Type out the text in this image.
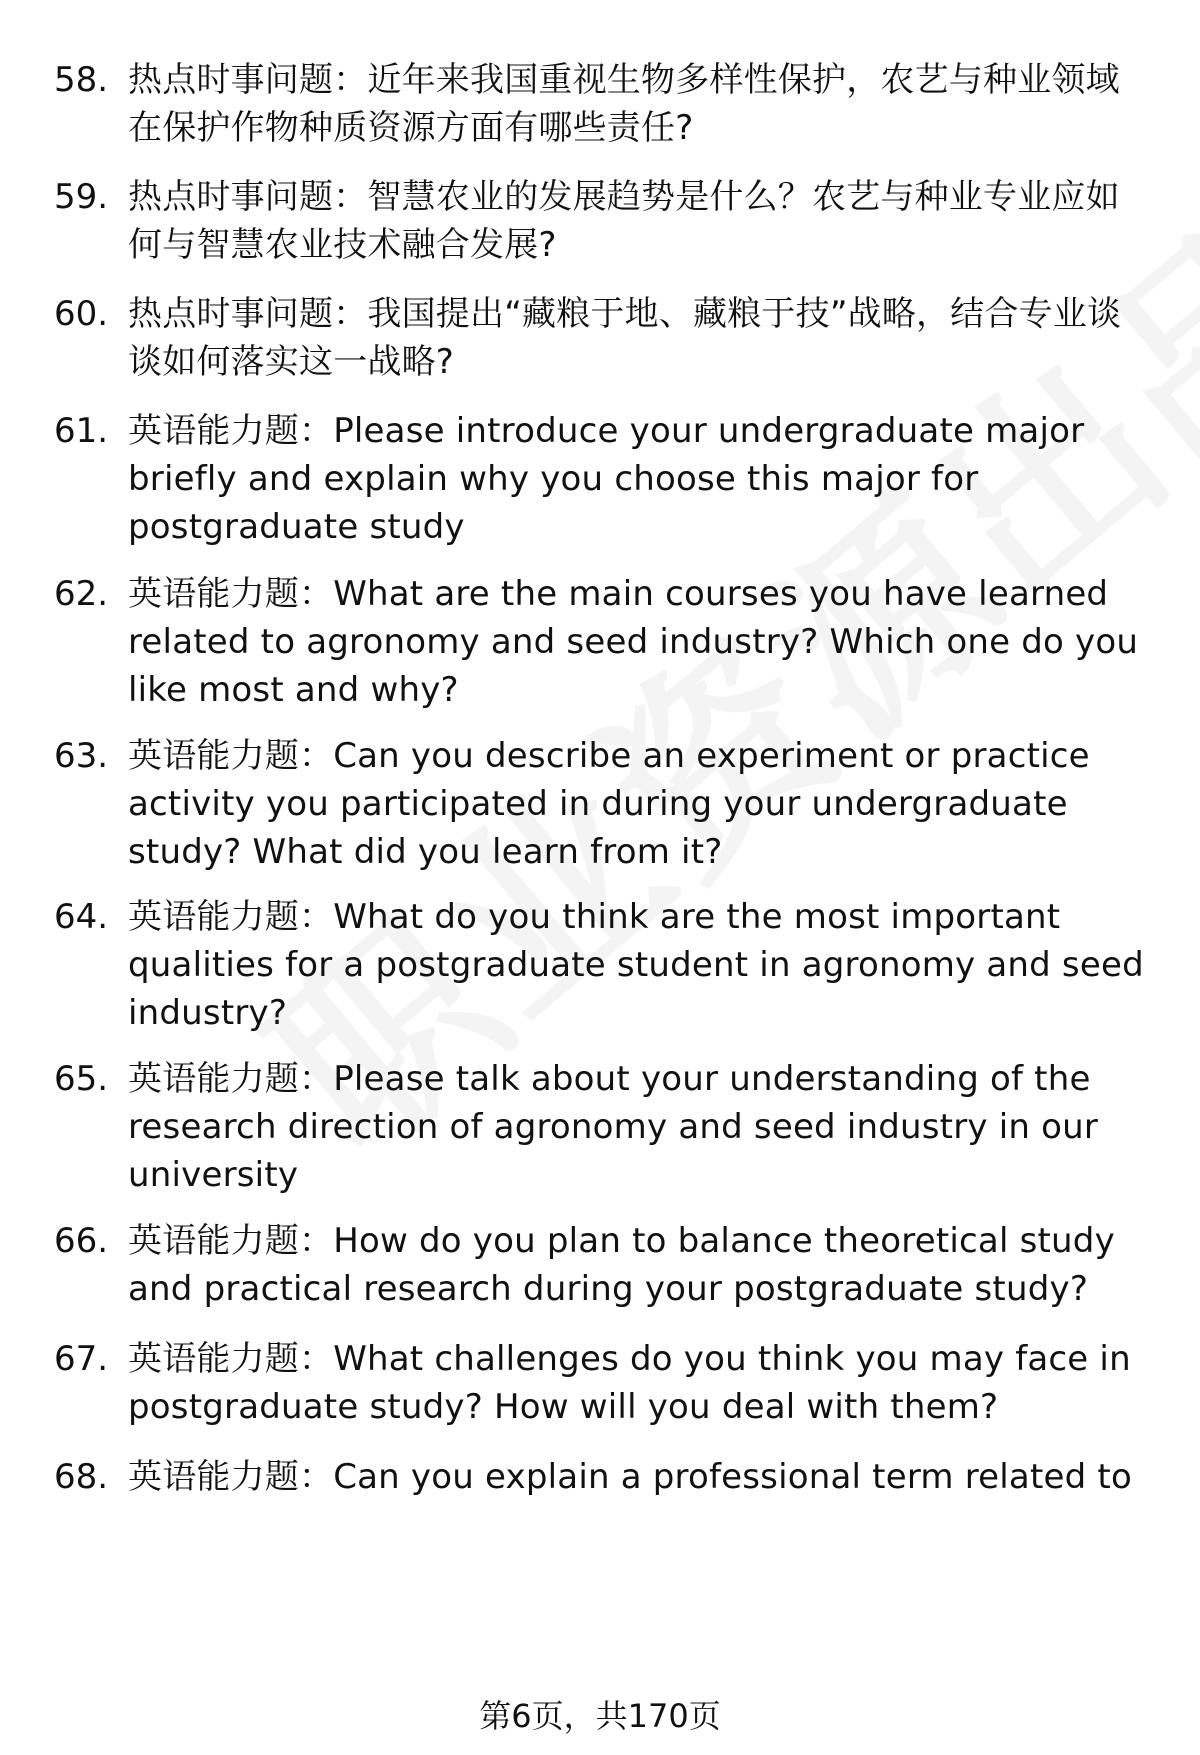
58. 热点时事问题：近年来我国重视生物多样性保护，农艺与种业领域在保护作物种质资源方面有哪些责任?
59. 热点时事问题：智慧农业的发展趋势是什么？农艺与种业专业应如何与智慧农业技术融合发展?
60. 热点时事问题：我国提出“藏粮于地、藏粮于技”战略，结合专业谈谈如何落实这一战略?
61. 英语能力题：Please introduce your undergraduate major briefly and explain why you choose this major for postgraduate study
62. 英语能力题：What are the main courses you have learned related to agronomy and seed industry? Which one do you like most and why?
63. 英语能力题：Can you describe an experiment or practice activity you participated in during your undergraduate study? What did you learn from it?
64. 英语能力题：What do you think are the most important qualities for a postgraduate student in agronomy and seed industry?
65. 英语能力题：Please talk about your understanding of the research direction of agronomy and seed industry in our university
66. 英语能力题：How do you plan to balance theoretical study and practical research during your postgraduate study?
67. 英语能力题：What challenges do you think you may face in postgraduate study? How will you deal with them?
68. 英语能力题：Can you explain a professional term related to
第6页，共170页
